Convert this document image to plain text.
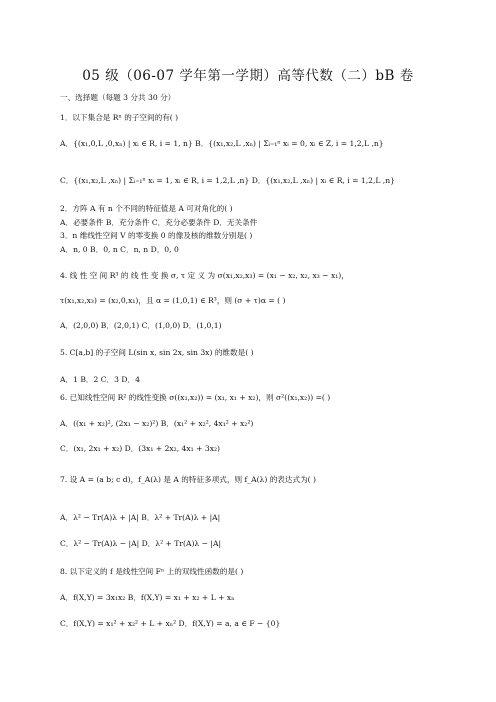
05 级（06-07 学年第一学期）高等代数（二）bB 卷
一、选择题（每题 3 分共 30 分）
1．以下集合是 Rⁿ 的子空间的有( )
A．{(x₁,0,L ,0,xₙ) | xᵢ ∈ R, i = 1, n} B．{(x₁,x₂,L ,xₙ) | Σᵢ₌₁ⁿ xᵢ = 0, xᵢ ∈ Z, i = 1,2,L ,n}
C．{(x₁,x₂,L ,xₙ) | Σᵢ₌₁ⁿ xᵢ = 1, xᵢ ∈ R, i = 1,2,L ,n} D．{(x₁,x₂,L ,xₙ) | xᵢ ∈ R, i = 1,2,L ,n}
2．方阵 A 有 n 个不同的特征值是 A 可对角化的( )
A．必要条件 B．充分条件 C．充分必要条件 D．无关条件
3．n 维线性空间 V 的零变换 0 的像及核的维数分别是( )
A．n, 0 B．0, n C．n, n D．0, 0
4. 线 性 空 间 R³ 的 线 性 变 换 σ, τ 定 义 为 σ(x₁,x₂,x₃) = (x₁ − x₂, x₂, x₃ − x₁)，
τ(x₁,x₂,x₃) = (x₂,0,x₁)，且 α = (1,0,1) ∈ R³，则 (σ + τ)α = ( )
A．(2,0,0) B．(2,0,1) C．(1,0,0) D．(1,0,1)
5. C[a,b] 的子空间 L(sin x, sin 2x, sin 3x) 的维数是( )
A．1 B．2 C．3 D．4
6. 已知线性空间 R² 的线性变换 σ((x₁,x₂)) = (x₁, x₁ + x₂)，则 σ²((x₁,x₂)) =( )
A．((x₁ + x₂)², (2x₁ − x₂)²) B．(x₁² + x₂², 4x₁² + x₂²)
C．(x₁, 2x₁ + x₂) D．(3x₁ + 2x₂, 4x₁ + 3x₂)
7. 设 A = (a b; c d)，f_A(λ) 是 A 的特征多项式，则 f_A(λ) 的表达式为( )
A．λ² − Tr(A)λ + |A| B．λ² + Tr(A)λ + |A|
C．λ² − Tr(A)λ − |A| D．λ² + Tr(A)λ − |A|
8. 以下定义的 f 是线性空间 Fⁿ 上的双线性函数的是( )
A．f(X,Y) = 3x₁x₂ B．f(X,Y) = x₁ + x₂ + L + xₙ
C．f(X,Y) = x₁² + x₂² + L + xₙ² D．f(X,Y) = a, a ∈ F − {0}
